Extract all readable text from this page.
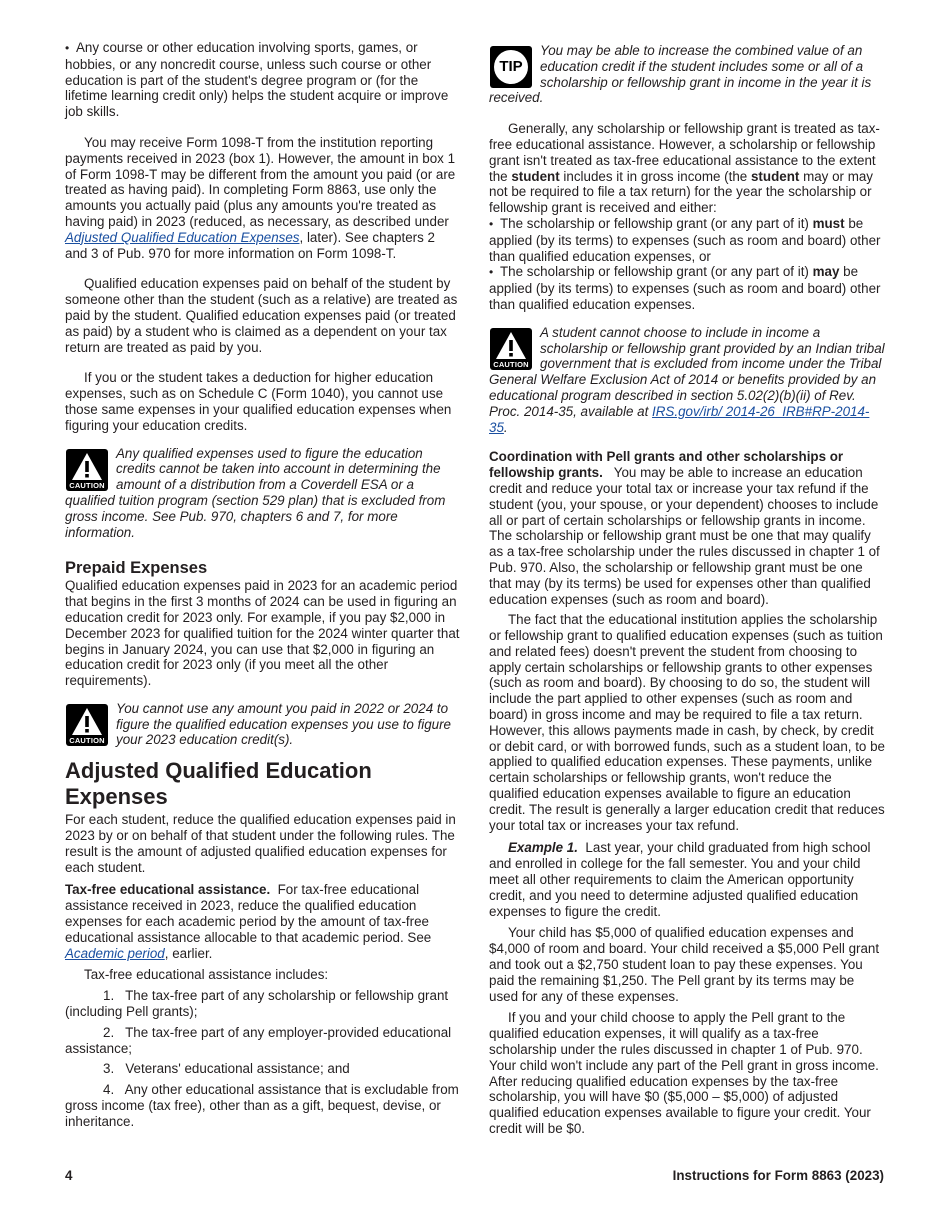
• Any course or other education involving sports, games, or hobbies, or any noncredit course, unless such course or other education is part of the student's degree program or (for the lifetime learning credit only) helps the student acquire or improve job skills.

You may receive Form 1098-T from the institution reporting payments received in 2023 (box 1). However, the amount in box 1 of Form 1098-T may be different from the amount you paid (or are treated as having paid). In completing Form 8863, use only the amounts you actually paid (plus any amounts you're treated as having paid) in 2023 (reduced, as necessary, as described under Adjusted Qualified Education Expenses, later). See chapters 2 and 3 of Pub. 970 for more information on Form 1098-T.

Qualified education expenses paid on behalf of the student by someone other than the student (such as a relative) are treated as paid by the student. Qualified education expenses paid (or treated as paid) by a student who is claimed as a dependent on your tax return are treated as paid by you.

If you or the student takes a deduction for higher education expenses, such as on Schedule C (Form 1040), you cannot use those same expenses in your qualified education expenses when figuring your education credits.

CAUTION
Any qualified expenses used to figure the education credits cannot be taken into account in determining the amount of a distribution from a Coverdell ESA or a qualified tuition program (section 529 plan) that is excluded from gross income. See Pub. 970, chapters 6 and 7, for more information.
Prepaid Expenses

Qualified education expenses paid in 2023 for an academic period that begins in the first 3 months of 2024 can be used in figuring an education credit for 2023 only. For example, if you pay $2,000 in December 2023 for qualified tuition for the 2024 winter quarter that begins in January 2024, you can use that $2,000 in figuring an education credit for 2023 only (if you meet all the other requirements).

CAUTION
You cannot use any amount you paid in 2022 or 2024 to figure the qualified education expenses you use to figure your 2023 education credit(s).
Adjusted Qualified Education Expenses

For each student, reduce the qualified education expenses paid in 2023 by or on behalf of that student under the following rules. The result is the amount of adjusted qualified education expenses for each student.

Tax-free educational assistance. For tax-free educational assistance received in 2023, reduce the qualified education expenses for each academic period by the amount of tax-free educational assistance allocable to that academic period. See Academic period, earlier.

Tax-free educational assistance includes:

1. The tax-free part of any scholarship or fellowship grant (including Pell grants);

2. The tax-free part of any employer-provided educational assistance;

3. Veterans' educational assistance; and

4. Any other educational assistance that is excludable from gross income (tax free), other than as a gift, bequest, devise, or inheritance.

TIP
You may be able to increase the combined value of an education credit if the student includes some or all of a scholarship or fellowship grant in income in the year it is received.

Generally, any scholarship or fellowship grant is treated as tax-free educational assistance. However, a scholarship or fellowship grant isn't treated as tax-free educational assistance to the extent the student includes it in gross income (the student may or may not be required to file a tax return) for the year the scholarship or fellowship grant is received and either:

• The scholarship or fellowship grant (or any part of it) must be applied (by its terms) to expenses (such as room and board) other than qualified education expenses, or

• The scholarship or fellowship grant (or any part of it) may be applied (by its terms) to expenses (such as room and board) other than qualified education expenses.

CAUTION
A student cannot choose to include in income a scholarship or fellowship grant provided by an Indian tribal government that is excluded from income under the Tribal General Welfare Exclusion Act of 2014 or benefits provided by an educational program described in section 5.02(2)(b)(ii) of Rev. Proc. 2014-35, available at IRS.gov/irb/ 2014-26_IRB#RP-2014-35.

Coordination with Pell grants and other scholarships or fellowship grants. You may be able to increase an education credit and reduce your total tax or increase your tax refund if the student (you, your spouse, or your dependent) chooses to include all or part of certain scholarships or fellowship grants in income. The scholarship or fellowship grant must be one that may qualify as a tax-free scholarship under the rules discussed in chapter 1 of Pub. 970. Also, the scholarship or fellowship grant must be one that may (by its terms) be used for expenses other than qualified education expenses (such as room and board).

The fact that the educational institution applies the scholarship or fellowship grant to qualified education expenses (such as tuition and related fees) doesn't prevent the student from choosing to apply certain scholarships or fellowship grants to other expenses (such as room and board). By choosing to do so, the student will include the part applied to other expenses (such as room and board) in gross income and may be required to file a tax return. However, this allows payments made in cash, by check, by credit or debit card, or with borrowed funds, such as a student loan, to be applied to qualified education expenses. These payments, unlike certain scholarships or fellowship grants, won't reduce the qualified education expenses available to figure an education credit. The result is generally a larger education credit that reduces your total tax or increases your tax refund.

Example 1. Last year, your child graduated from high school and enrolled in college for the fall semester. You and your child meet all other requirements to claim the American opportunity credit, and you need to determine adjusted qualified education expenses to figure the credit.

Your child has $5,000 of qualified education expenses and $4,000 of room and board. Your child received a $5,000 Pell grant and took out a $2,750 student loan to pay these expenses. You paid the remaining $1,250. The Pell grant by its terms may be used for any of these expenses.

If you and your child choose to apply the Pell grant to the qualified education expenses, it will qualify as a tax-free scholarship under the rules discussed in chapter 1 of Pub. 970. Your child won't include any part of the Pell grant in gross income. After reducing qualified education expenses by the tax-free scholarship, you will have $0 ($5,000 – $5,000) of adjusted qualified education expenses available to figure your credit. Your credit will be $0.

4	Instructions for Form 8863 (2023)
